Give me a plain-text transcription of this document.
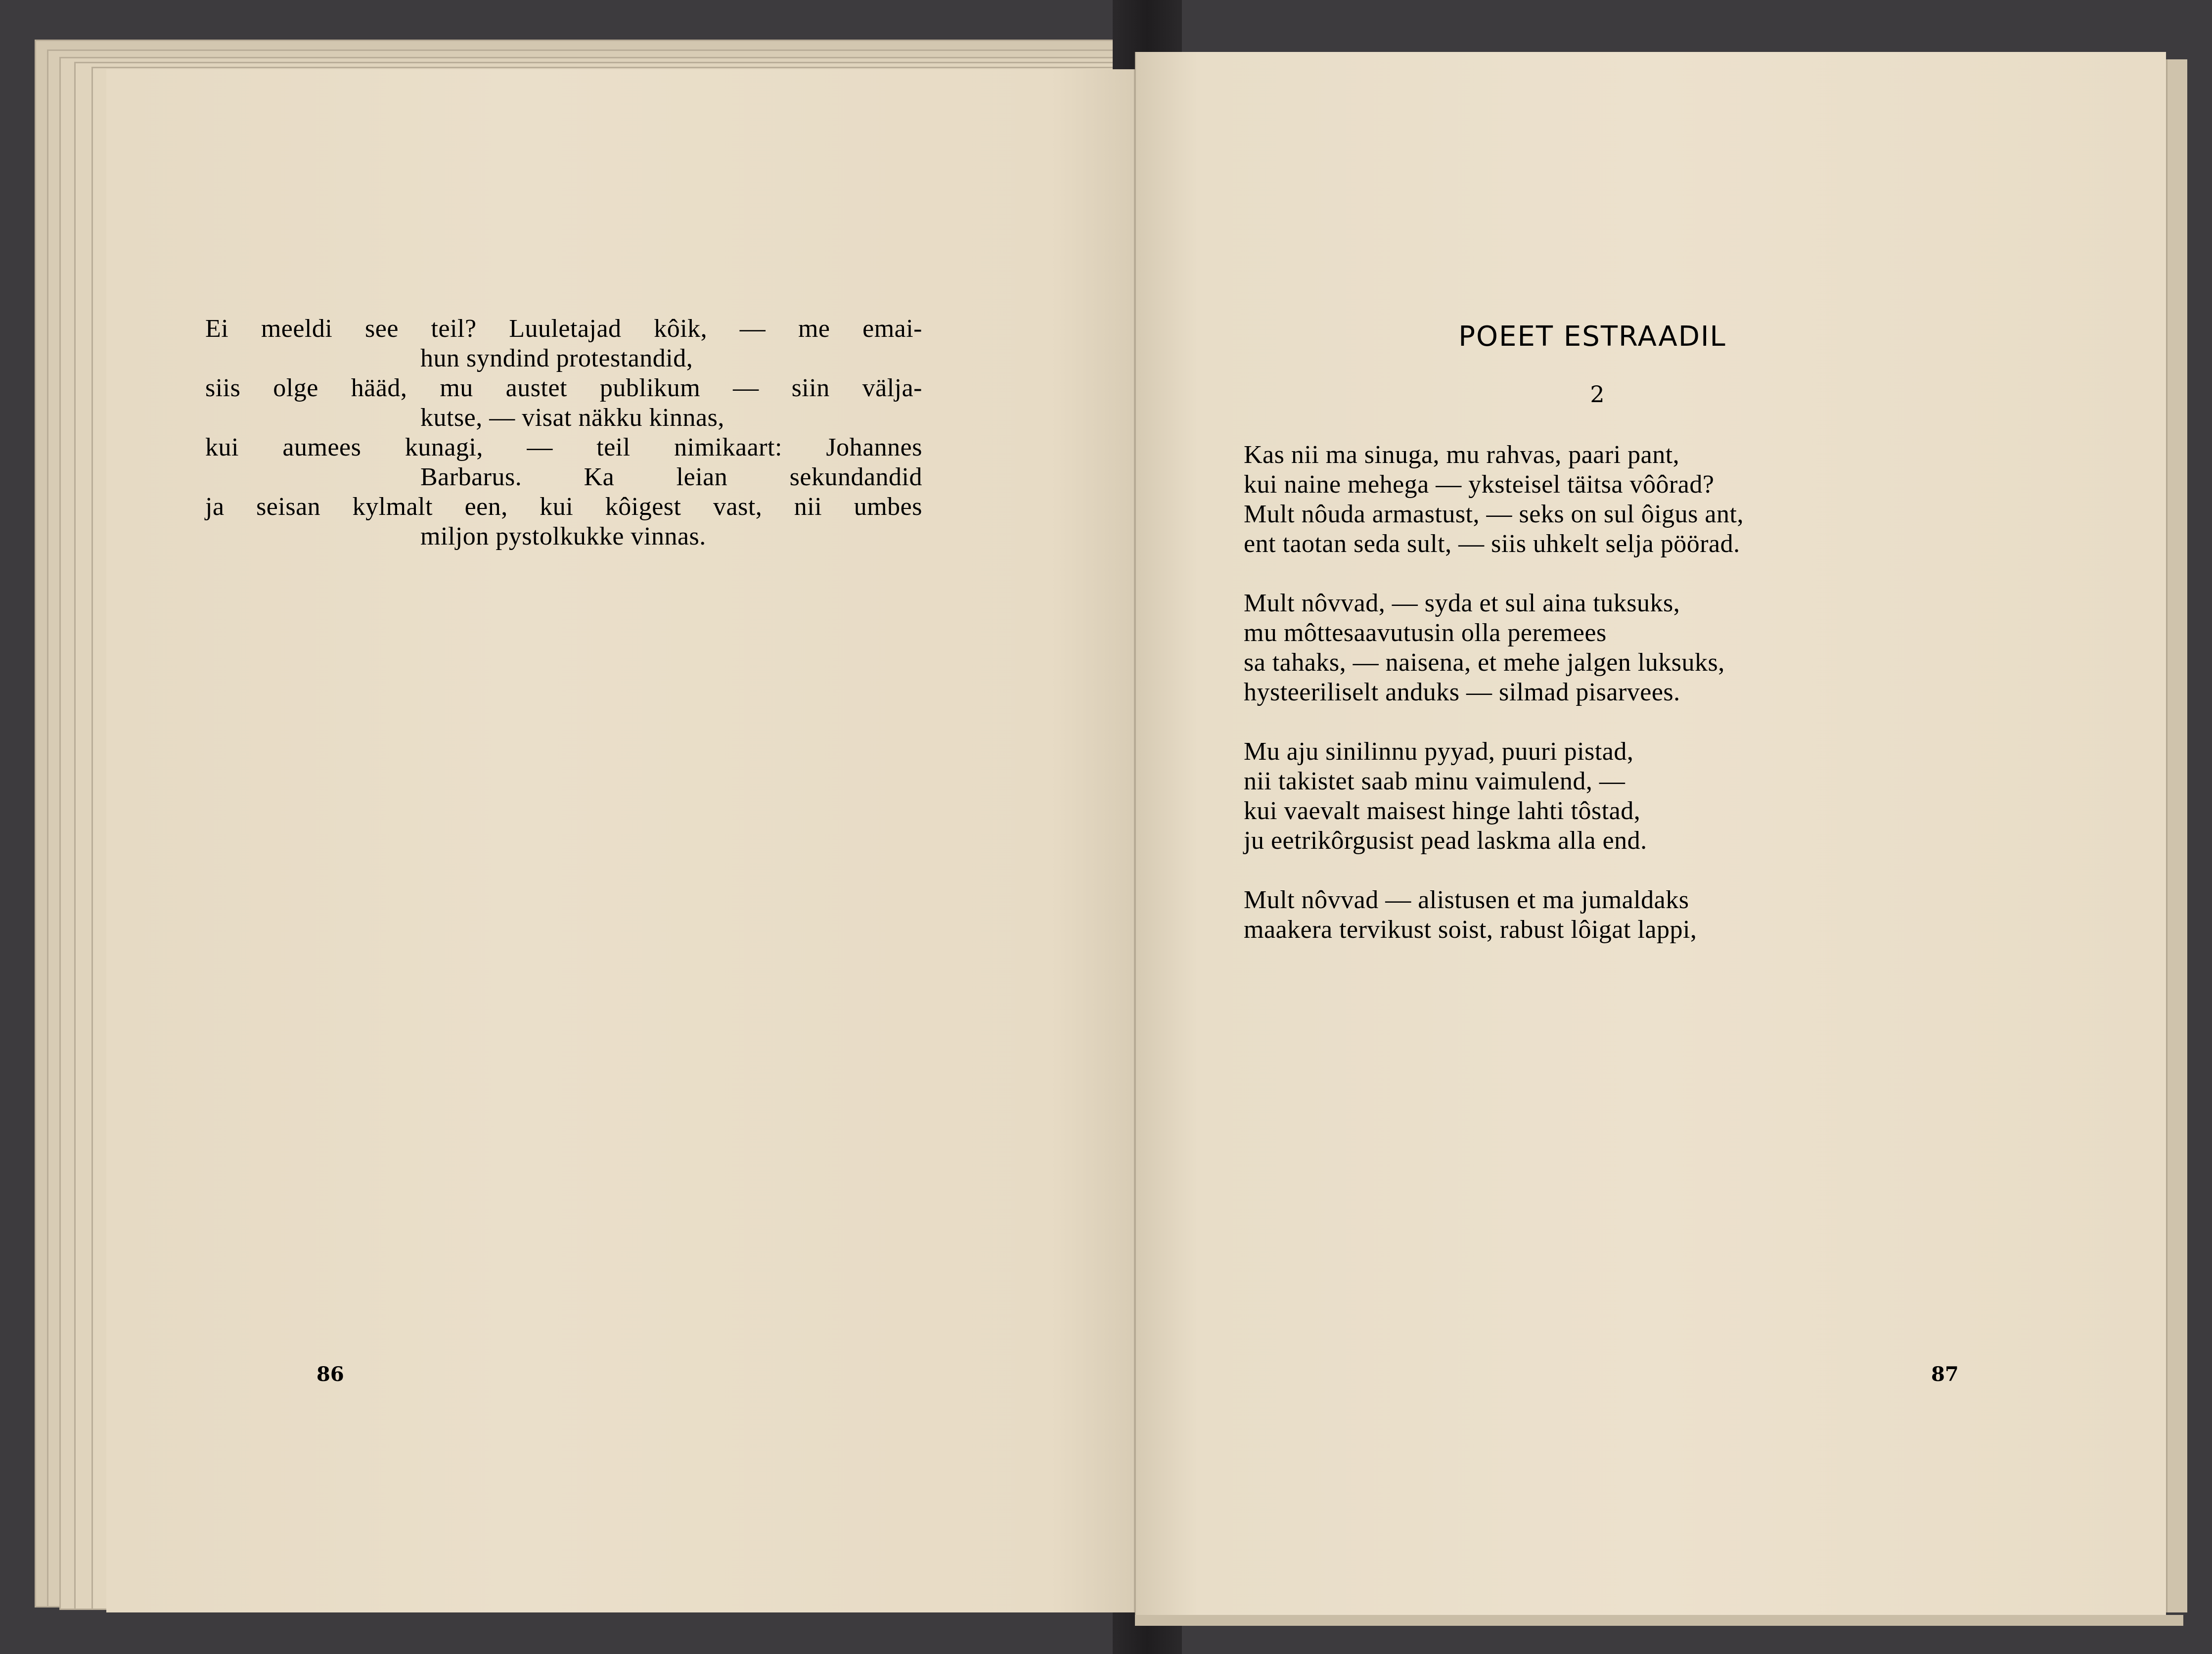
Ei meeldi see teil? Luuletajad kôik, — me emai-
hun syndind protestandid,
siis olge hääd, mu austet publikum — siin välja-
kutse, — visat näkku kinnas,
kui aumees kunagi, — teil nimikaart: Johannes
Barbarus. Ka leian sekundandid
ja seisan kylmalt een, kui kôigest vast, nii umbes
miljon pystolkukke vinnas.
86
POEET ESTRAADIL
2
Kas nii ma sinuga, mu rahvas, paari pant,
kui naine mehega — yksteisel täitsa vôôrad?
Mult nôuda armastust, — seks on sul ôigus ant,
ent taotan seda sult, — siis uhkelt selja pöörad.
Mult nôvvad, — syda et sul aina tuksuks,
mu môttesaavutusin olla peremees
sa tahaks, — naisena, et mehe jalgen luksuks,
hysteeriliselt anduks — silmad pisarvees.
Mu aju sinilinnu pyyad, puuri pistad,
nii takistet saab minu vaimulend, —
kui vaevalt maisest hinge lahti tôstad,
ju eetrikôrgusist pead laskma alla end.
Mult nôvvad — alistusen et ma jumaldaks
maakera tervikust soist, rabust lôigat lappi,
87
